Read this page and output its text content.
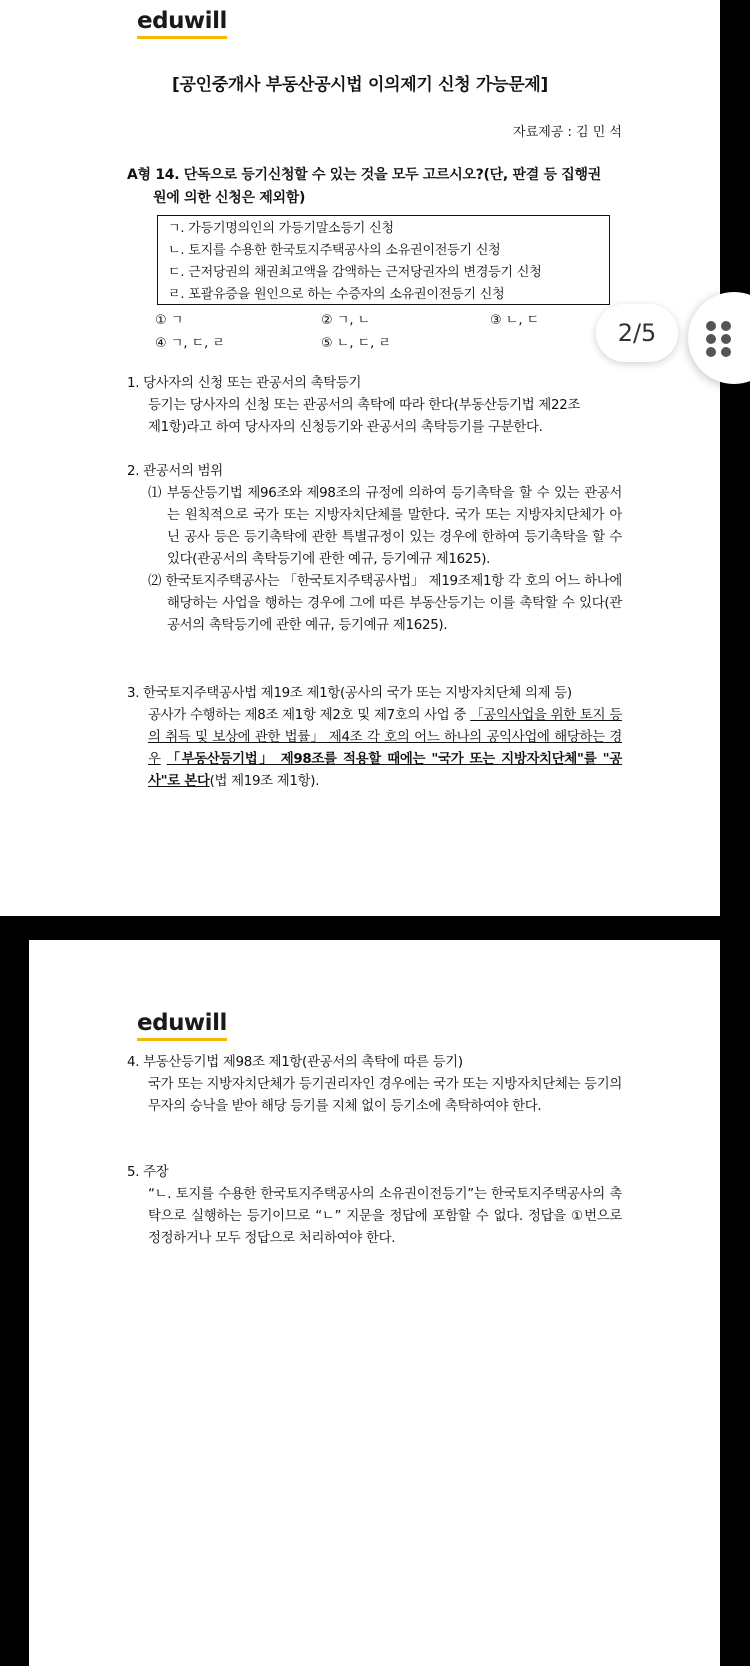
eduwill
[공인중개사 부동산공시법 이의제기 신청 가능문제]
자료제공 : 김 민 석
A형 14. 단독으로 등기신청할 수 있는 것을 모두 고르시오?(단, 판결 등 집행권
원에 의한 신청은 제외함)
ㄱ. 가등기명의인의 가등기말소등기 신청
ㄴ. 토지를 수용한 한국토지주택공사의 소유권이전등기 신청
ㄷ. 근저당권의 채권최고액을 감액하는 근저당권자의 변경등기 신청
ㄹ. 포괄유증을 원인으로 하는 수증자의 소유권이전등기 신청
① ㄱ	② ㄱ, ㄴ	③ ㄴ, ㄷ
④ ㄱ, ㄷ, ㄹ	⑤ ㄴ, ㄷ, ㄹ

1. 당사자의 신청 또는 관공서의 촉탁등기

등기는 당사자의 신청 또는 관공서의 촉탁에 따라 한다(부동산등기법 제22조

제1항)라고 하여 당사자의 신청등기와 관공서의 촉탁등기를 구분한다.

2. 관공서의 범위

⑴ 부동산등기법 제96조와 제98조의 규정에 의하여 등기촉탁을 할 수 있는 관공서는 원칙적으로 국가 또는 지방자치단체를 말한다. 국가 또는 지방자치단체가 아닌 공사 등은 등기촉탁에 관한 특별규정이 있는 경우에 한하여 등기촉탁을 할 수 있다(관공서의 촉탁등기에 관한 예규, 등기예규 제1625).

⑵ 한국토지주택공사는 「한국토지주택공사법」 제19조제1항 각 호의 어느 하나에 해당하는 사업을 행하는 경우에 그에 따른 부동산등기는 이를 촉탁할 수 있다(관공서의 촉탁등기에 관한 예규, 등기예규 제1625).

3. 한국토지주택공사법 제19조 제1항(공사의 국가 또는 지방자치단체 의제 등)

공사가 수행하는 제8조 제1항 제2호 및 제7호의 사업 중 「공익사업을 위한 토지 등의 취득 및 보상에 관한 법률」 제4조 각 호의 어느 하나의 공익사업에 해당하는 경우 「부동산등기법」 제98조를 적용할 때에는 "국가 또는 지방자치단체"를 "공사"로 본다(법 제19조 제1항).

eduwill

4. 부동산등기법 제98조 제1항(관공서의 촉탁에 따른 등기)

국가 또는 지방자치단체가 등기권리자인 경우에는 국가 또는 지방자치단체는 등기의무자의 승낙을 받아 해당 등기를 지체 없이 등기소에 촉탁하여야 한다.

5. 주장

“ㄴ. 토지를 수용한 한국토지주택공사의 소유권이전등기”는 한국토지주택공사의 촉탁으로 실행하는 등기이므로 “ㄴ” 지문을 정답에 포함할 수 없다. 정답을 ①번으로 정정하거나 모두 정답으로 처리하여야 한다.

2/5
